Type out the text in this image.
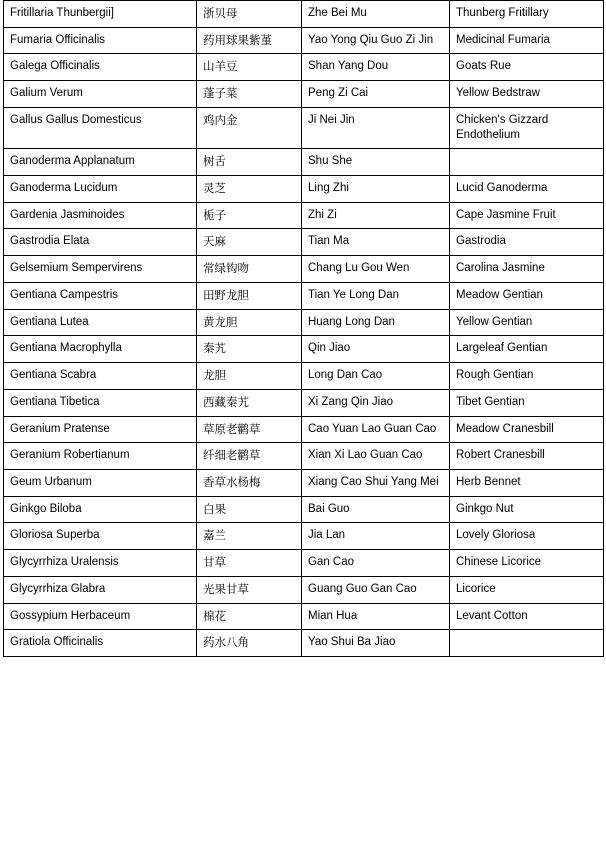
Fritillaria Thunbergii]	浙贝母	Zhe Bei Mu	Thunberg Fritillary
Fumaria Officinalis	药用球果紫堇	Yao Yong Qiu Guo Zi Jin	Medicinal Fumaria
Galega Officinalis	山羊豆	Shan Yang Dou	Goats Rue
Galium Verum	蓬子菜	Peng Zi Cai	Yellow Bedstraw
Gallus Gallus Domesticus	鸡内金	Ji Nei Jin	Chicken's Gizzard Endothelium
Ganoderma Applanatum	树舌	Shu She	
Ganoderma Lucidum	灵芝	Ling Zhi	Lucid Ganoderma
Gardenia Jasminoides	栀子	Zhi Zi	Cape Jasmine Fruit
Gastrodia Elata	天麻	Tian Ma	Gastrodia
Gelsemium Sempervirens	常绿钩吻	Chang Lu Gou Wen	Carolina Jasmine
Gentiana Campestris	田野龙胆	Tian Ye Long Dan	Meadow Gentian
Gentiana Lutea	黄龙胆	Huang Long Dan	Yellow Gentian
Gentiana Macrophylla	秦艽	Qin Jiao	Largeleaf Gentian
Gentiana Scabra	龙胆	Long Dan Cao	Rough Gentian
Gentiana Tibetica	西藏秦艽	Xi Zang Qin Jiao	Tibet Gentian
Geranium Pratense	草原老鹳草	Cao Yuan Lao Guan Cao	Meadow Cranesbill
Geranium Robertianum	纤细老鹳草	Xian Xi Lao Guan Cao	Robert Cranesbill
Geum Urbanum	香草水杨梅	Xiang Cao Shui Yang Mei	Herb Bennet
Ginkgo Biloba	白果	Bai Guo	Ginkgo Nut
Gloriosa Superba	嘉兰	Jia Lan	Lovely Gloriosa
Glycyrrhiza Uralensis	甘草	Gan Cao	Chinese Licorice
Glycyrrhiza Glabra	光果甘草	Guang Guo Gan Cao	Licorice
Gossypium Herbaceum	棉花	Mian Hua	Levant Cotton
Gratiola Officinalis	药水八角	Yao Shui Ba Jiao	
